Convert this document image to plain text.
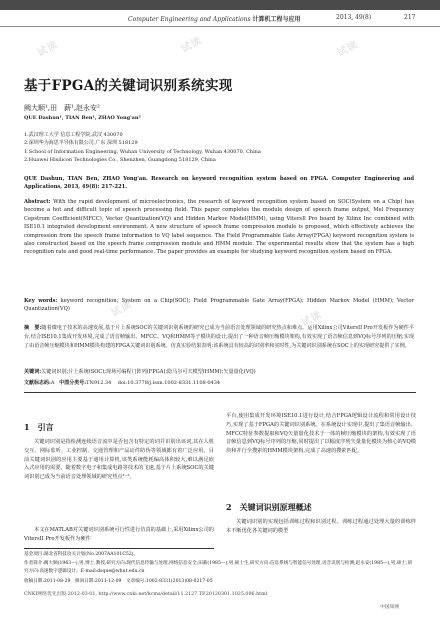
Computer Engineering and Applications 计算机工程与应用	2013, 49(8)	217
试读	试读	试读
试读	试读
基于FPGA的关键词识别系统实现
阙大顺¹,田　薪¹,赵永安²
QUE Dashun¹, TIAN Ben¹, ZHAO Yong'an²
1.武汉理工大学 信息工程学院,武汉 430070
2.深圳华为海思半导体有限公司,广东 深圳 518129
1.School of Information Engineering, Wuhan University of Technology, Wuhan 430070, China
2.Huawei Hisilicon Technologies Co., Shenzhen, Guangdong 518129, China
QUE Dashun, TIAN Ben, ZHAO Yong'an. Research on keyword recognition system based on FPGA. Computer Engineering and Applications, 2013, 49(8): 217-221.
Abstract: With the rapid development of microelectronics, the research of keyword recognition system based on SOC(System on a Chip) has become a hot and difficult topic of speech processing field. This paper completes the module design of speech frame output, Mel Frequency Cepstrum Coefficient(MFCC), Vector Quantization(VQ) and Hidden Markov Model(HMM), using VitersIl Pro board by Xilinx Inc combined with ISE10.1 integrated development environment. A new structure of speech frame compression module is proposed, which effectively achieves the compression from the speech frame information to VQ label sequence. The Field Programmable Gate Array(FPGA) keyword recognition system is also constructed based on the speech frame compression module and HMM module. The experimental results show that the system has a high recognition rate and good real-time performance. The paper provides an example for studying keyword recognition system based on FPGA.
Key words: keyword recognition; System on a Chip(SOC); Field Programmable Gate Array(FPGA); Hidden Markov Model (HMM); Vector Quantization(VQ)
摘　要:随着微电子技术的高速发展,基于片上系统SOC的关键词识别系统的研究已成为当前语音处理领域的研究热点和难点。运用Xilinx公司VitersII Pro开发板作为硬件平台,结合ISE10.1集成开发环境,完成了语音帧输出、MFCC、VQ和HMM等子模块的设计;提出了一种语音帧压缩模块架构,有效实现了语音帧信息到VQ标号序列的压缩;实现了由语音帧压缩模块和HMM模块构建的FPGA关键词识别系统。仿真实验结果表明:该系统具有较高的识别率和实时性,为关键词识别系统在SOC上的实现研究提供了实例。
关键词:关键词识别;片上系统(SOC);现场可编程门阵列(FPGA);隐马尔可夫模型(HMM);矢量量化(VQ)
文献标志码:A 中图分类号:TN912.34 doi:10.3778/j.issn.1002-8331.1108-0434
1　引言
关键词识别是指检测连续语音流中是否包含有特定的词并识别出该词,其在人机交互、网际监听、工业控制、交通管理和产品证件防伪等领域都有着广泛应用。目前关键词识别的应用主要基于通用计算机,该类系统能耗偏高体积较大,难以满足嵌入式应用的需要。随着数字电子和集成电路等技术的飞速,基于片上系统SOC的关键词识别已成为当前语音处理领域的研究热点¹⁻²。
本文在MATLAB对关键词识别系统可行性进行仿真的基础上,采用Xilinx公司的VitersII Pro开发板作为硬件
平台,使用集成开发环境ISE10.1进行设计,结合FPGA逻辑设计流程和常用设计技巧,实现了基于FPGA的关键词识别系统。在系统设计实现中,提出了集语音帧输出、MFCC特征参数提取和VQ矢量量化技术于一体的帧压缩模块的架构,有效实现了语音帧信息到VQ标号序列的压缩,同时提出了以幅度序列矢量量化模块为核心的VQ模块和并行全搜索的HMM模块架构,完成了高速的搜索匹配。
2　关键词识别原理概述
关键词识别的实现包括训练过程和识别过程。训练过程通过处理大量的训练样本不断优化各关键词的模型
基金项目:湖北省科技攻关计划(No.2007AA101C52)。
作者简介:阙大顺(1963—),男,博士,教授,研究方向:现代信息传输与处理,网络信息安全;田薪(1985—),男,硕士生,研究方向:信息系统与智能信号处理,语音识别与检测;赵永安(1985—),男,硕士,研究方向:高速数字逻辑设计。E-mail:dsque@whut.edu.cn
收稿日期:2011-08-29　修回日期:2011-12-09　文章编号:1002-8331(2013)08-0217-05
CNKI网络优先出版:2012-03-01, http://www.cnki.net/kcms/detail/11.2127.TP.20120301.1025.096.html
中国知网
